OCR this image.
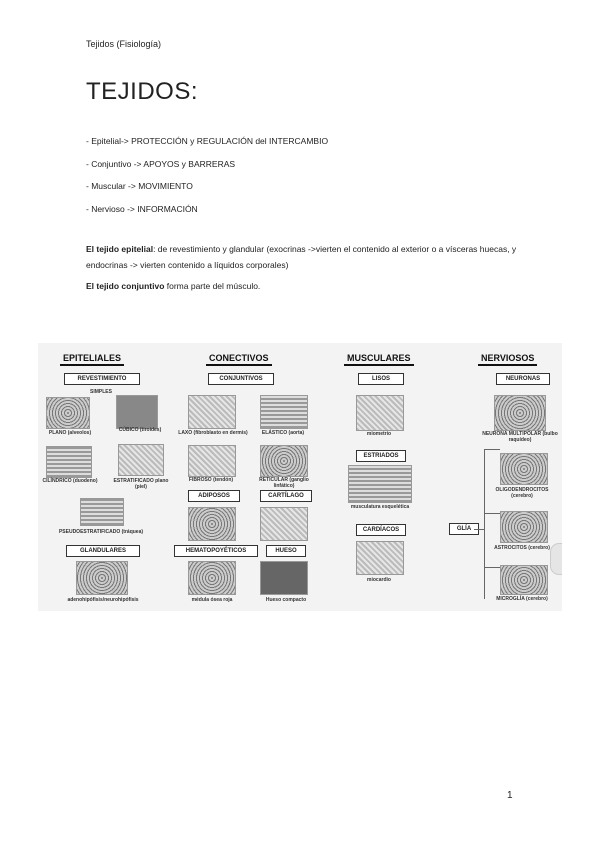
Tejidos (Fisiología)
TEJIDOS:
- Epitelial-> PROTECCIÓN y REGULACIÓN del INTERCAMBIO
- Conjuntivo -> APOYOS y BARRERAS
- Muscular -> MOVIMIENTO
- Nervioso -> INFORMACIÓN
El tejido epitelial: de revestimiento y glandular (exocrinas ->vierten el contenido al exterior o a vísceras huecas, y endocrinas -> vierten contenido a líquidos corporales)
El tejido conjuntivo forma parte del músculo.
EPITELIALES	CONECTIVOS	MUSCULARES	NERVIOSOS
REVESTIMIENTO	CONJUNTIVOS	LISOS	NEURONAS
ESTRIADOS
ADIPOSOS	CARTÍLAGO
CARDÍACOS	GLÍA
GLANDULARES	HEMATOPOYÉTICOS	HUESO
SIMPLES
PLANO (alveolos)	CÚBICO (tiroides)
CILÍNDRICO (duodeno)	ESTRATIFICADO plano (piel)
PSEUDOESTRATIFICADO (tráquea)
adenohipófisis/neurohipófisis
LAXO (fibroblasto en dermis)	ELÁSTICO (aorta)
FIBROSO (tendón)	RETICULAR (ganglio linfático)
médula ósea roja	Hueso compacto
miometrio
musculatura esquelética
miocardio
NEURONA MULTIPOLAR (bulbo raquídeo)
OLIGODENDROCITOS (cerebro)
ASTROCITOS (cerebro)
MICROGLÍA (cerebro)
1
